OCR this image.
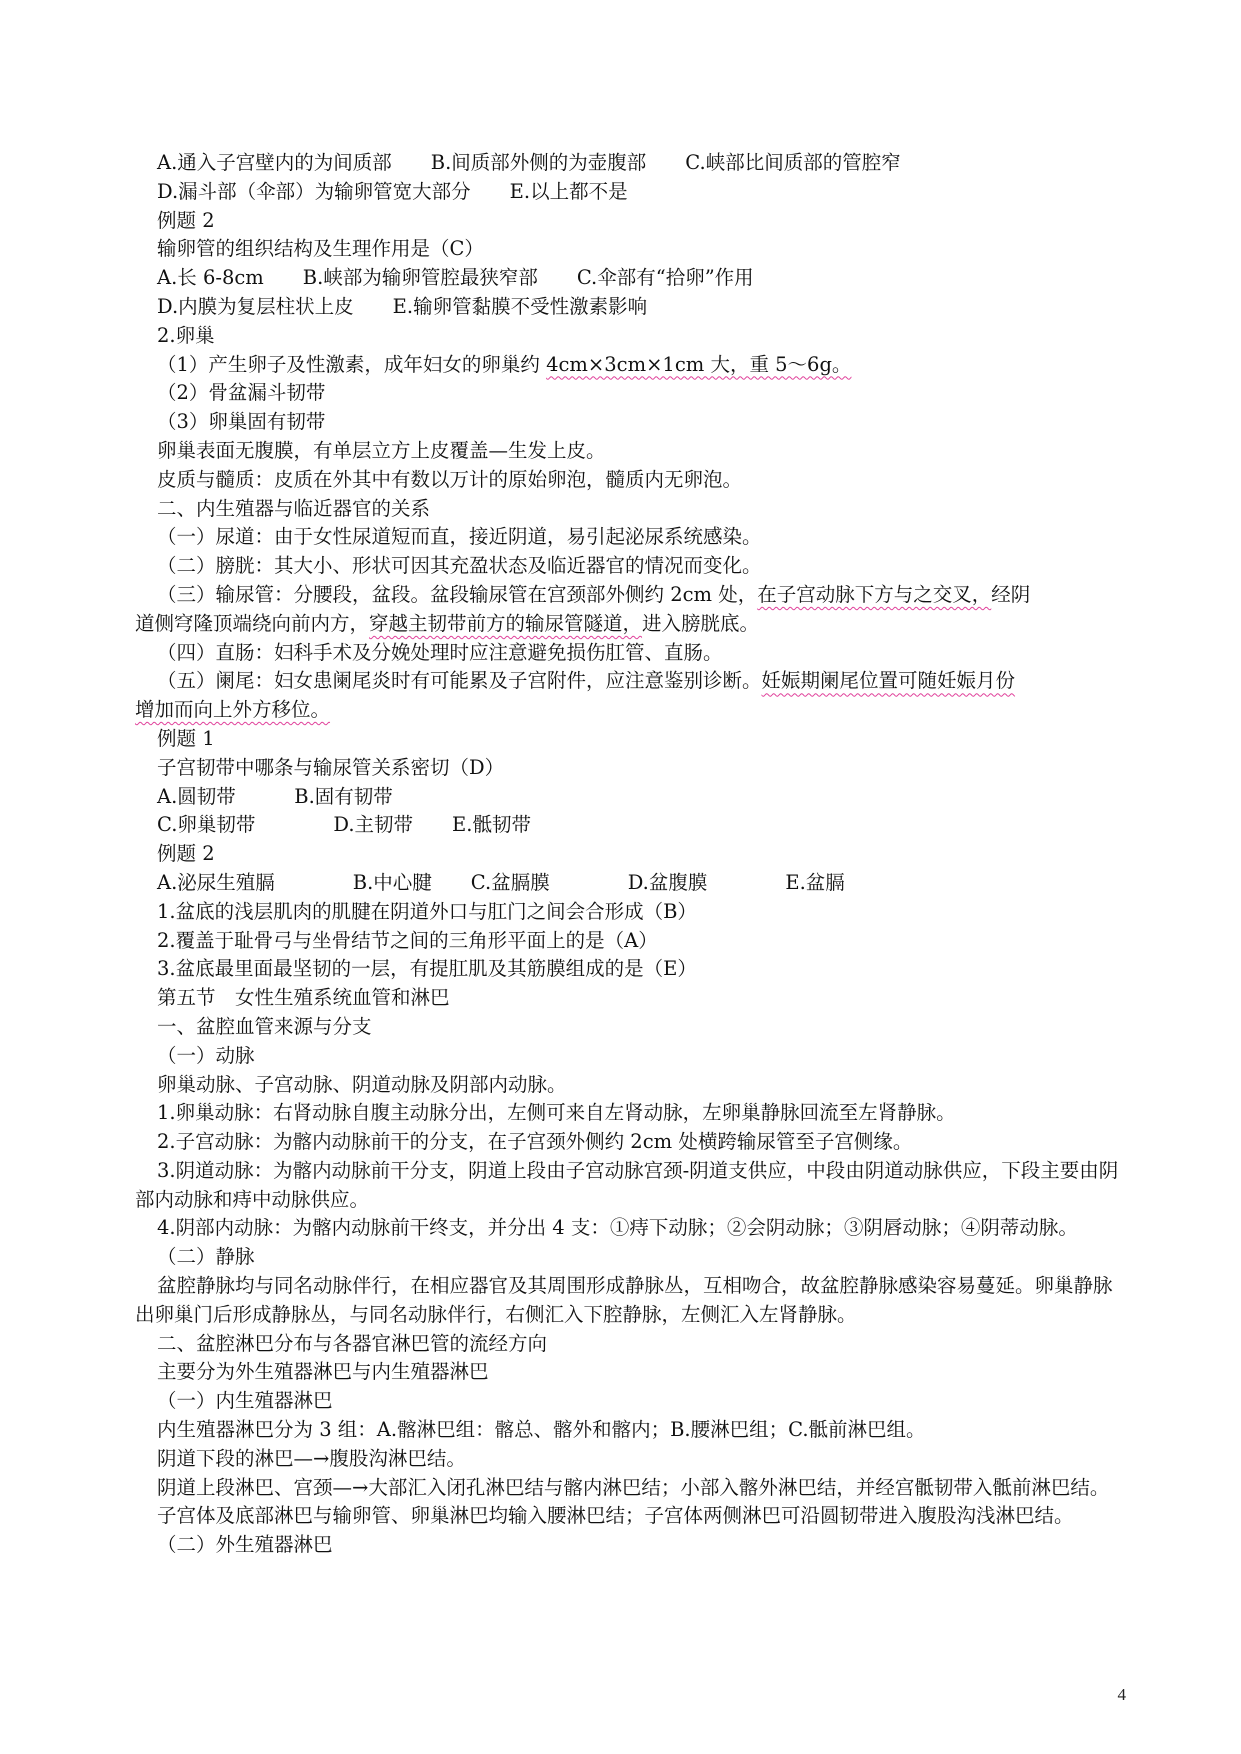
A.通入子宫壁内的为间质部　　B.间质部外侧的为壶腹部　　C.峡部比间质部的管腔窄
D.漏斗部（伞部）为输卵管宽大部分　　E.以上都不是
例题 2
输卵管的组织结构及生理作用是（C）
A.长 6-8cm　　B.峡部为输卵管腔最狭窄部　　C.伞部有“拾卵”作用
D.内膜为复层柱状上皮　　E.输卵管黏膜不受性激素影响
2.卵巢
（1）产生卵子及性激素，成年妇女的卵巢约 4cm×3cm×1cm 大，重 5～6g。
（2）骨盆漏斗韧带
（3）卵巢固有韧带
卵巢表面无腹膜，有单层立方上皮覆盖—生发上皮。
皮质与髓质：皮质在外其中有数以万计的原始卵泡，髓质内无卵泡。
二、内生殖器与临近器官的关系
（一）尿道：由于女性尿道短而直，接近阴道，易引起泌尿系统感染。
（二）膀胱：其大小、形状可因其充盈状态及临近器官的情况而变化。
（三）输尿管：分腰段，盆段。盆段输尿管在宫颈部外侧约 2cm 处，在子宫动脉下方与之交叉，经阴
道侧穹隆顶端绕向前内方，穿越主韧带前方的输尿管隧道，进入膀胱底。
（四）直肠：妇科手术及分娩处理时应注意避免损伤肛管、直肠。
（五）阑尾：妇女患阑尾炎时有可能累及子宫附件，应注意鉴别诊断。妊娠期阑尾位置可随妊娠月份
增加而向上外方移位。
例题 1
子宫韧带中哪条与输尿管关系密切（D）
A.圆韧带　　　B.固有韧带
C.卵巢韧带　　　　D.主韧带　　E.骶韧带
例题 2
A.泌尿生殖膈　　　　B.中心腱　　C.盆膈膜　　　　D.盆腹膜　　　　E.盆膈
1.盆底的浅层肌肉的肌腱在阴道外口与肛门之间会合形成（B）
2.覆盖于耻骨弓与坐骨结节之间的三角形平面上的是（A）
3.盆底最里面最坚韧的一层，有提肛肌及其筋膜组成的是（E）
第五节　女性生殖系统血管和淋巴
一、盆腔血管来源与分支
（一）动脉
卵巢动脉、子宫动脉、阴道动脉及阴部内动脉。
1.卵巢动脉：右肾动脉自腹主动脉分出，左侧可来自左肾动脉，左卵巢静脉回流至左肾静脉。
2.子宫动脉：为髂内动脉前干的分支，在子宫颈外侧约 2cm 处横跨输尿管至子宫侧缘。
3.阴道动脉：为髂内动脉前干分支，阴道上段由子宫动脉宫颈-阴道支供应，中段由阴道动脉供应，下段主要由阴部内动脉和痔中动脉供应。
4.阴部内动脉：为髂内动脉前干终支，并分出 4 支：①痔下动脉；②会阴动脉；③阴唇动脉；④阴蒂动脉。
（二）静脉
盆腔静脉均与同名动脉伴行，在相应器官及其周围形成静脉丛，互相吻合，故盆腔静脉感染容易蔓延。卵巢静脉出卵巢门后形成静脉丛，与同名动脉伴行，右侧汇入下腔静脉，左侧汇入左肾静脉。
二、盆腔淋巴分布与各器官淋巴管的流经方向
主要分为外生殖器淋巴与内生殖器淋巴
（一）内生殖器淋巴
内生殖器淋巴分为 3 组：A.髂淋巴组：髂总、髂外和髂内；B.腰淋巴组；C.骶前淋巴组。
阴道下段的淋巴—→腹股沟淋巴结。
阴道上段淋巴、宫颈—→大部汇入闭孔淋巴结与髂内淋巴结；小部入髂外淋巴结，并经宫骶韧带入骶前淋巴结。
子宫体及底部淋巴与输卵管、卵巢淋巴均输入腰淋巴结；子宫体两侧淋巴可沿圆韧带进入腹股沟浅淋巴结。
（二）外生殖器淋巴
4
